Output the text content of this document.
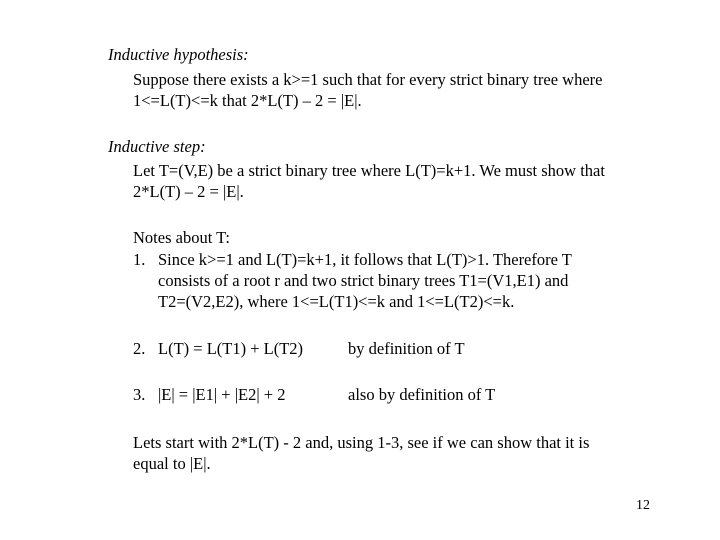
Inductive hypothesis:
Suppose there exists a k>=1 such that for every strict binary tree where
1<=L(T)<=k that 2*L(T) – 2 = |E|.
Inductive step:
Let T=(V,E) be a strict binary tree where L(T)=k+1. We must show that
2*L(T) – 2 = |E|.
Notes about T:
1. Since k>=1 and L(T)=k+1, it follows that L(T)>1. Therefore T
consists of a root r and two strict binary trees T1=(V1,E1) and
T2=(V2,E2), where 1<=L(T1)<=k and 1<=L(T2)<=k.
2. L(T) = L(T1) + L(T2)	by definition of T
3. |E| = |E1| + |E2| + 2	also by definition of T
Lets start with 2*L(T) - 2 and, using 1-3, see if we can show that it is
equal to |E|.
12
